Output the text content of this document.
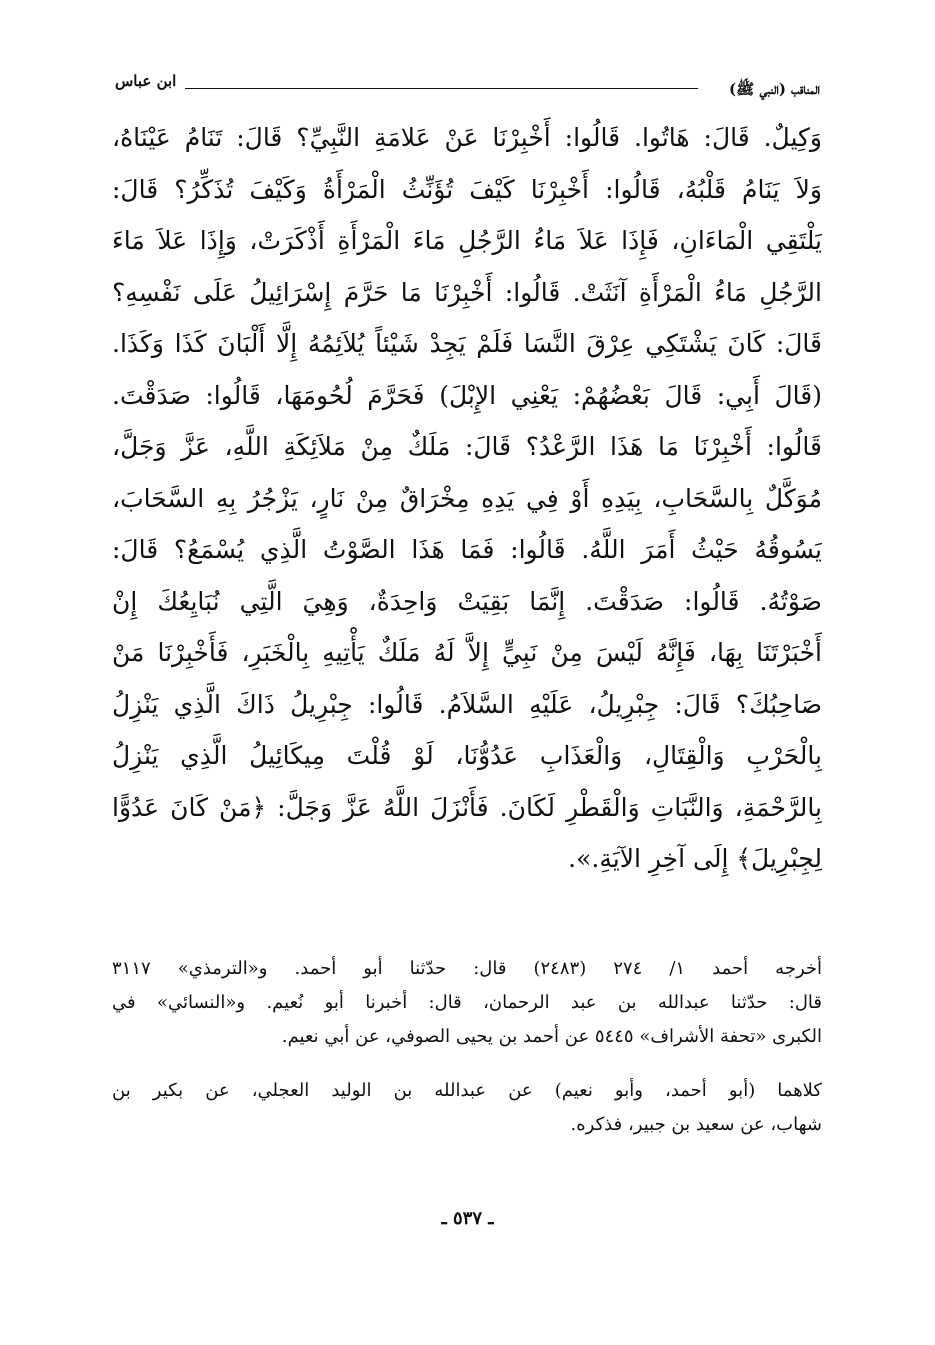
المناقب (النبي ﷺ)
ابن عباس
وَكِيلٌ. قَالَ: هَاتُوا. قَالُوا: أَخْبِرْنَا عَنْ عَلامَةِ النَّبِيِّ؟ قَالَ: تَنَامُ عَيْنَاهُ،
وَلاَ يَنَامُ قَلْبُهُ، قَالُوا: أَخْبِرْنَا كَيْفَ تُؤَنِّثُ الْمَرْأَةُ وَكَيْفَ تُذَكِّرُ؟ قَالَ:
يَلْتَقِي الْمَاءَانِ، فَإِذَا عَلاَ مَاءُ الرَّجُلِ مَاءَ الْمَرْأَةِ أَذْكَرَتْ، وَإِذَا عَلاَ مَاءَ
الرَّجُلِ مَاءُ الْمَرْأَةِ آنَثَتْ. قَالُوا: أَخْبِرْنَا مَا حَرَّمَ إِسْرَائِيلُ عَلَى نَفْسِهِ؟
قَالَ: كَانَ يَشْتَكِي عِرْقَ النَّسَا فَلَمْ يَجِدْ شَيْئاً يُلاَئِمُهُ إِلَّا أَلْبَانَ كَذَا وَكَذَا.
(قَالَ أَبِي: قَالَ بَعْضُهُمْ: يَعْنِي الإِبْلَ) فَحَرَّمَ لُحُومَهَا، قَالُوا: صَدَقْتَ.
قَالُوا: أَخْبِرْنَا مَا هَذَا الرَّعْدُ؟ قَالَ: مَلَكٌ مِنْ مَلاَئِكَةِ اللَّهِ، عَزَّ وَجَلَّ،
مُوَكَّلٌ بِالسَّحَابِ، بِيَدِهِ أَوْ فِي يَدِهِ مِخْرَاقٌ مِنْ نَارٍ، يَزْجُرُ بِهِ السَّحَابَ،
يَسُوقُهُ حَيْثُ أَمَرَ اللَّهُ. قَالُوا: فَمَا هَذَا الصَّوْتُ الَّذِي يُسْمَعُ؟ قَالَ:
صَوْتُهُ. قَالُوا: صَدَقْتَ. إِنَّمَا بَقِيَتْ وَاحِدَةٌ، وَهِيَ الَّتِي نُبَايِعُكَ إِنْ
أَخْبَرْتَنَا بِهَا، فَإِنَّهُ لَيْسَ مِنْ نَبِيٍّ إِلاَّ لَهُ مَلَكٌ يَأْتِيهِ بِالْخَبَرِ، فَأَخْبِرْنَا مَنْ
صَاحِبُكَ؟ قَالَ: جِبْرِيلُ، عَلَيْهِ السَّلاَمُ. قَالُوا: جِبْرِيلُ ذَاكَ الَّذِي يَنْزِلُ
بِالْحَرْبِ وَالْقِتَالِ، وَالْعَذَابِ عَدُوُّنَا، لَوْ قُلْتَ مِيكَائِيلُ الَّذِي يَنْزِلُ
بِالرَّحْمَةِ، وَالنَّبَاتِ وَالْقَطْرِ لَكَانَ. فَأَنْزَلَ اللَّهُ عَزَّ وَجَلَّ: ﴿مَنْ كَانَ عَدُوًّا
لِجِبْرِيلَ﴾ إِلَى آخِرِ الآيَةِ.».
أخرجه أحمد ١/ ٢٧٤ (٢٤٨٣) قال: حدّثنا أبو أحمد. و«الترمذي» ٣١١٧
قال: حدّثنا عبدالله بن عبد الرحمان، قال: أخبرنا أبو نُعيم. و«النسائي» في
الكبرى «تحفة الأشراف» ٥٤٤٥ عن أحمد بن يحيى الصوفي، عن أبي نعيم.
كلاهما (أبو أحمد، وأبو نعيم) عن عبدالله بن الوليد العجلي، عن بكير بن
شهاب، عن سعيد بن جبير، فذكره.
ـ ٥٣٧ ـ
